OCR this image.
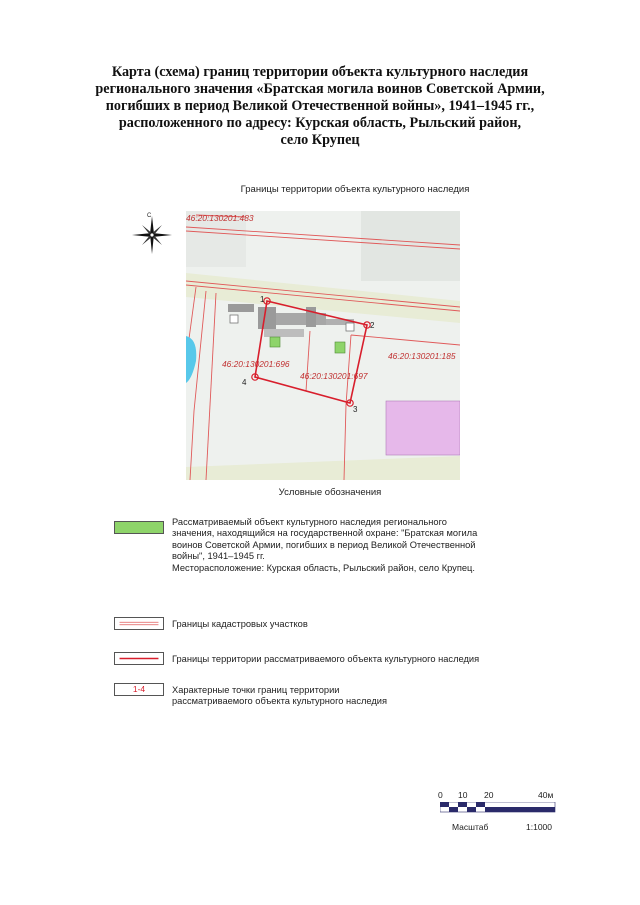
Карта (схема) границ территории объекта культурного наследия
регионального значения «Братская могила воинов Советской Армии,
погибших в период Великой Отечественной войны», 1941–1945 гг.,
расположенного по адресу: Курская область, Рыльский район,
село Крупец
Границы территории объекта культурного наследия
С
1
2
3
4
46:20:130201:483
46:20:130201:696
46:20:130201:697
46:20:130201:185
Условные обозначения
Рассматриваемый объект культурного наследия регионального
значения, находящийся на государственной охране: "Братская могила
воинов Советской Армии, погибших в период Великой Отечественной
войны", 1941–1945 гг.
Месторасположение: Курская область, Рыльский район, село Крупец.
Границы кадастровых участков
Границы территории рассматриваемого объекта культурного наследия
1-4	Характерные точки границ территории
рассматриваемого объекта культурного наследия
0 10 20	40м
Масштаб	1:1000
